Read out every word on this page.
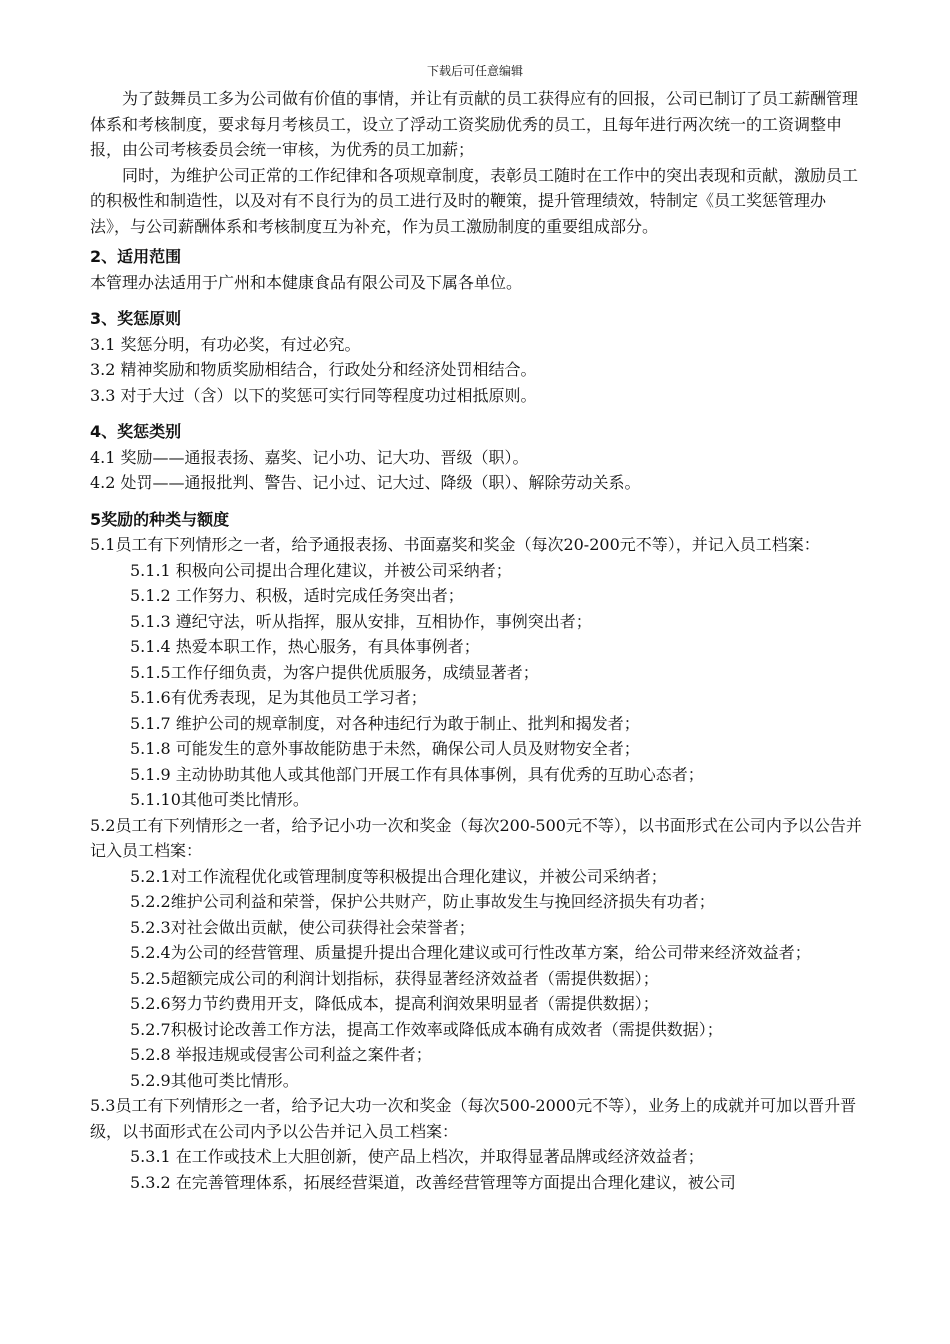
下载后可任意编辑

为了鼓舞员工多为公司做有价值的事情，并让有贡献的员工获得应有的回报，公司已制订了员工薪酬管理体系和考核制度，要求每月考核员工，设立了浮动工资奖励优秀的员工，且每年进行两次统一的工资调整申报，由公司考核委员会统一审核，为优秀的员工加薪；

同时，为维护公司正常的工作纪律和各项规章制度，表彰员工随时在工作中的突出表现和贡献，激励员工的积极性和制造性，以及对有不良行为的员工进行及时的鞭策，提升管理绩效，特制定《员工奖惩管理办法》，与公司薪酬体系和考核制度互为补充，作为员工激励制度的重要组成部分。

2、适用范围

本管理办法适用于广州和本健康食品有限公司及下属各单位。

3、奖惩原则

3.1 奖惩分明，有功必奖，有过必究。

3.2 精神奖励和物质奖励相结合，行政处分和经济处罚相结合。

3.3 对于大过（含）以下的奖惩可实行同等程度功过相抵原则。

4、奖惩类别

4.1 奖励——通报表扬、嘉奖、记小功、记大功、晋级（职）。

4.2 处罚——通报批判、警告、记小过、记大过、降级（职）、解除劳动关系。

5奖励的种类与额度

5.1员工有下列情形之一者，给予通报表扬、书面嘉奖和奖金（每次20-200元不等），并记入员工档案：

5.1.1 积极向公司提出合理化建议，并被公司采纳者；

5.1.2 工作努力、积极，适时完成任务突出者；

5.1.3 遵纪守法，听从指挥，服从安排，互相协作，事例突出者；

5.1.4 热爱本职工作，热心服务，有具体事例者；

5.1.5工作仔细负责，为客户提供优质服务，成绩显著者；

5.1.6有优秀表现，足为其他员工学习者；

5.1.7 维护公司的规章制度，对各种违纪行为敢于制止、批判和揭发者；

5.1.8 可能发生的意外事故能防患于未然，确保公司人员及财物安全者；

5.1.9 主动协助其他人或其他部门开展工作有具体事例，具有优秀的互助心态者；

5.1.10其他可类比情形。

5.2员工有下列情形之一者，给予记小功一次和奖金（每次200-500元不等），以书面形式在公司内予以公告并记入员工档案：

5.2.1对工作流程优化或管理制度等积极提出合理化建议，并被公司采纳者；

5.2.2维护公司利益和荣誉，保护公共财产，防止事故发生与挽回经济损失有功者；

5.2.3对社会做出贡献，使公司获得社会荣誉者；

5.2.4为公司的经营管理、质量提升提出合理化建议或可行性改革方案，给公司带来经济效益者；

5.2.5超额完成公司的利润计划指标，获得显著经济效益者（需提供数据）；

5.2.6努力节约费用开支，降低成本，提高利润效果明显者（需提供数据）；

5.2.7积极讨论改善工作方法，提高工作效率或降低成本确有成效者（需提供数据）；

5.2.8 举报违规或侵害公司利益之案件者；

5.2.9其他可类比情形。

5.3员工有下列情形之一者，给予记大功一次和奖金（每次500-2000元不等），业务上的成就并可加以晋升晋级，以书面形式在公司内予以公告并记入员工档案：

5.3.1 在工作或技术上大胆创新，使产品上档次，并取得显著品牌或经济效益者；

5.3.2 在完善管理体系，拓展经营渠道，改善经营管理等方面提出合理化建议，被公司
